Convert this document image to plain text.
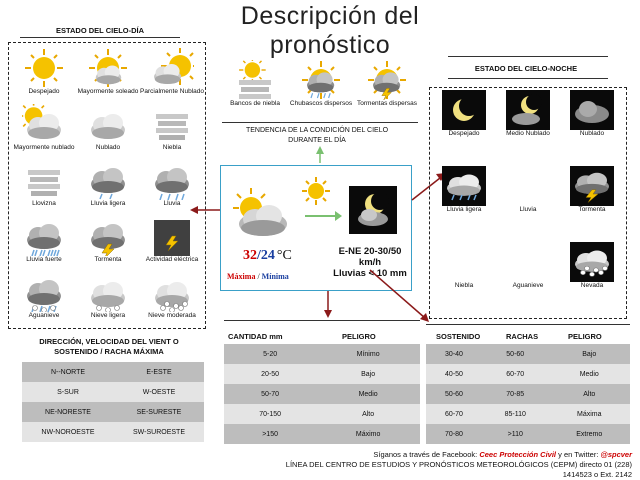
Descripción del
pronóstico
ESTADO DEL CIELO-DÍA
Despejado	Mayormente soleado Parcialmente Nublado
Mayormente nublado	Nublado	Niebla
Llovizna	Lluvia ligera	Lluvia
Lluvia fuerte	Tormenta	Actividad eléctrica
Aguanieve	Nieve ligera	Nieve moderada
Bancos de niebla	Chubascos dispersos Tormentas dispersas
TENDENCIA DE LA CONDICIÓN DEL CIELO DURANTE EL DÍA
32/24 °C
Máxima / Mínima
E-NE 20-30/50
km/h
Lluvias < 10 mm
ESTADO DEL CIELO-NOCHE
Despejado	Medio Nublado	Nublado
Lluvia ligera	Lluvia	Tormenta
Niebla	Aguanieve	Nevada
DIRECCIÓN, VELOCIDAD DEL VIENT O
SOSTENIDO / RACHA MÁXIMA
N--NORTE	E-ESTE
S-SUR	W-OESTE
NE-NORESTE	SE-SURESTE
NW-NOROESTE	SW-SUROESTE
CANTIDAD mm	PELIGRO
5-20	Mínimo
20-50	Bajo
50-70	Medio
70-150	Alto
>150	Máximo
SOSTENIDO	RACHAS	PELIGRO
30-40	50-60	Bajo
40-50	60-70	Medio
50-60	70-85	Alto
60-70	85-110	Máxima
70-80	>110	Extremo
Síganos a través de Facebook: Ceec Protección Civil y en Twitter: @spcver
LÍNEA DEL CENTRO DE ESTUDIOS Y PRONÓSTICOS METEOROLÓGICOS (CEPM) directo 01 (228)
1414523 o Ext. 2142
